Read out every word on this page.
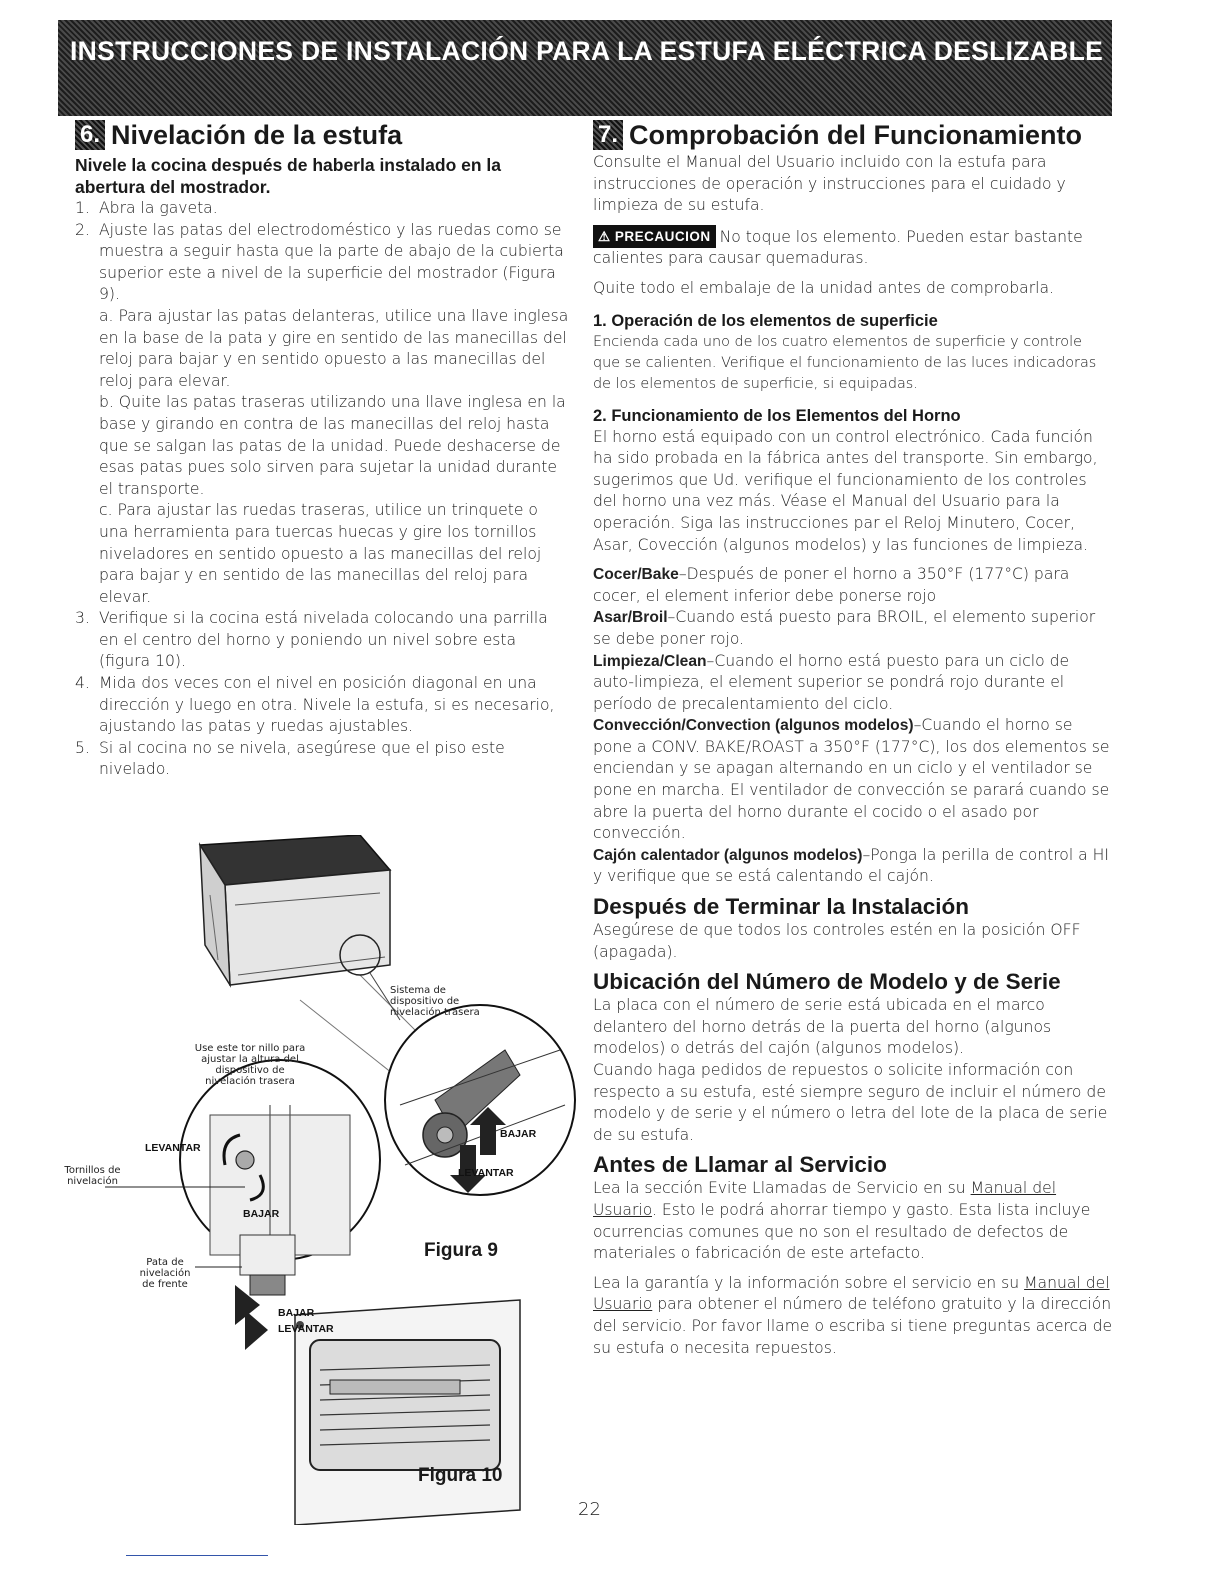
INSTRUCCIONES DE INSTALACIÓN PARA LA ESTUFA ELÉCTRICA DESLIZABLE DE 30"
6. Nivelación de la estufa

Nivele la cocina después de haberla instalado en la abertura del mostrador.

1. Abra la gaveta.
2. Ajuste las patas del electrodoméstico y las ruedas como se muestra a seguir hasta que la parte de abajo de la cubierta superior este a nivel de la superficie del mostrador (Figura 9).

a. Para ajustar las patas delanteras, utilice una llave inglesa en la base de la pata y gire en sentido de las manecillas del reloj para bajar y en sentido opuesto a las manecillas del reloj para elevar.

b. Quite las patas traseras utilizando una llave inglesa en la base y girando en contra de las manecillas del reloj hasta que se salgan las patas de la unidad. Puede deshacerse de esas patas pues solo sirven para sujetar la unidad durante el transporte.

c. Para ajustar las ruedas traseras, utilice un trinquete o una herramienta para tuercas huecas y gire los tornillos niveladores en sentido opuesto a las manecillas del reloj para bajar y en sentido de las manecillas del reloj para elevar.

3. Verifique si la cocina está nivelada colocando una parrilla en el centro del horno y poniendo un nivel sobre esta (figura 10).
4. Mida dos veces con el nivel en posición diagonal en una dirección y luego en otra. Nivele la estufa, si es necesario, ajustando las patas y ruedas ajustables.
5. Si al cocina no se nivela, asegúrese que el piso este nivelado.
Sistema de dispositivo de nivelación trasera
Use este tor nillo para ajustar la altura del dispositivo de nivelación trasera
Tornillos de nivelación
Pata de nivelación de frente
LEVANTAR
BAJAR
BAJAR
LEVANTAR
BAJAR
LEVANTAR
Figura 9
Figura 10
7. Comprobación del Funcionamiento

Consulte el Manual del Usuario incluido con la estufa para instrucciones de operación y instrucciones para el cuidado y limpieza de su estufa.

⚠ PRECAUCION No toque los elemento. Pueden estar bastante calientes para causar quemaduras.

Quite todo el embalaje de la unidad antes de comprobarla.

1. Operación de los elementos de superficie

Encienda cada uno de los cuatro elementos de superficie y controle que se calienten. Verifique el funcionamiento de las luces indicadoras de los elementos de superficie, si equipadas.

2. Funcionamiento de los Elementos del Horno

El horno está equipado con un control electrónico. Cada función ha sido probada en la fábrica antes del transporte. Sin embargo, sugerimos que Ud. verifique el funcionamiento de los controles del horno una vez más. Véase el Manual del Usuario para la operación. Siga las instrucciones par el Reloj Minutero, Cocer, Asar, Covección (algunos modelos) y las funciones de limpieza.

Cocer/Bake–Después de poner el horno a 350°F (177°C) para cocer, el element inferior debe ponerse rojo

Asar/Broil–Cuando está puesto para BROIL, el elemento superior se debe poner rojo.

Limpieza/Clean–Cuando el horno está puesto para un ciclo de auto-limpieza, el element superior se pondrá rojo durante el período de precalentamiento del ciclo.

Convección/Convection (algunos modelos)–Cuando el horno se pone a CONV. BAKE/ROAST a 350°F (177°C), los dos elementos se enciendan y se apagan alternando en un ciclo y el ventilador se pone en marcha. El ventilador de convección se parará cuando se abre la puerta del horno durante el cocido o el asado por convección.

Cajón calentador (algunos modelos)–Ponga la perilla de control a HI y verifique que se está calentando el cajón.

Después de Terminar la Instalación

Asegúrese de que todos los controles estén en la posición OFF (apagada).

Ubicación del Número de Modelo y de Serie

La placa con el número de serie está ubicada en el marco delantero del horno detrás de la puerta del horno (algunos modelos) o detrás del cajón (algunos modelos).

Cuando haga pedidos de repuestos o solicite información con respecto a su estufa, esté siempre seguro de incluir el número de modelo y de serie y el número o letra del lote de la placa de serie de su estufa.

Antes de Llamar al Servicio

Lea la sección Evite Llamadas de Servicio en su Manual del Usuario. Esto le podrá ahorrar tiempo y gasto. Esta lista incluye ocurrencias comunes que no son el resultado de defectos de materiales o fabricación de este artefacto.

Lea la garantía y la información sobre el servicio en su Manual del Usuario para obtener el número de teléfono gratuito y la dirección del servicio. Por favor llame o escriba si tiene preguntas acerca de su estufa o necesita repuestos.

22
